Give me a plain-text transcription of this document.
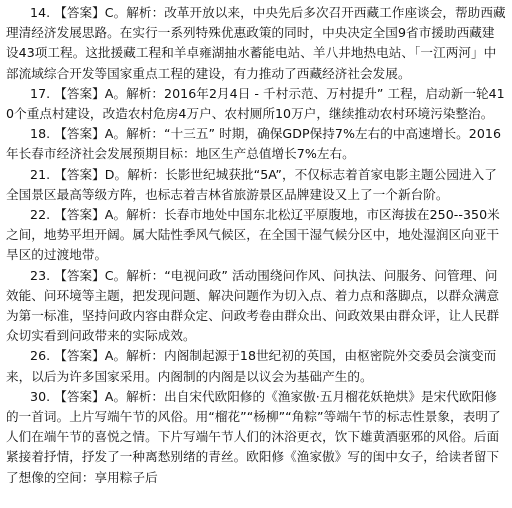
14. 【答案】C。解析：改革开放以来，中央先后多次召开西藏工作座谈会，帮助西藏理清经济发展思路。在实行一系列特殊优惠政策的同时，中央决定全国9省市援助西藏建设43项工程。这批援藏工程和羊卓雍湖抽水蓄能电站、羊八井地热电站、「一江两河」中部流域综合开发等国家重点工程的建设，有力推动了西藏经济社会发展。

17. 【答案】A。解析：2016年2月4日 - 千村示范、万村提升” 工程，启动新一轮410个重点村建设，改造农村危房4万户、农村厕所10万户，继续推动农村环境污染整治。

18. 【答案】A。解析：“十三五” 时期，确保GDP保持7%左右的中高速增长。2016年长春市经济社会发展预期目标：地区生产总值增长7%左右。

21. 【答案】D。解析：长影世纪城获批“5A”，不仅标志着首家电影主题公园进入了全国景区最高等级方阵，也标志着吉林省旅游景区品牌建设又上了一个新台阶。

22. 【答案】A。解析：长春市地处中国东北松辽平原腹地，市区海拔在250--350米之间，地势平坦开阔。属大陆性季风气候区，在全国干湿气候分区中，地处湿润区向亚干旱区的过渡地带。

23. 【答案】C。解析：“电视问政” 活动围绕问作风、问执法、问服务、问管理、问效能、问环境等主题，把发现问题、解决问题作为切入点、着力点和落脚点，以群众满意为第一标准，坚持问政内容由群众定、问政考卷由群众出、问政效果由群众评，让人民群众切实看到问政带来的实际成效。

26. 【答案】A。解析：内阁制起源于18世纪初的英国，由枢密院外交委员会演变而来，以后为许多国家采用。内阁制的内阁是以议会为基础产生的。

30. 【答案】A。解析：出自宋代欧阳修的《渔家傲·五月榴花妖艳烘》是宋代欧阳修的一首词。上片写端午节的风俗。用“榴花”“杨柳”“角粽”等端午节的标志性景象，表明了人们在端午节的喜悦之情。下片写端午节人们的沐浴更衣，饮下雄黄酒驱邪的风俗。后面紧接着抒情，抒发了一种离愁别绪的青丝。欧阳修《渔家傲》写的闺中女子，给读者留下了想像的空间：享用粽子后
